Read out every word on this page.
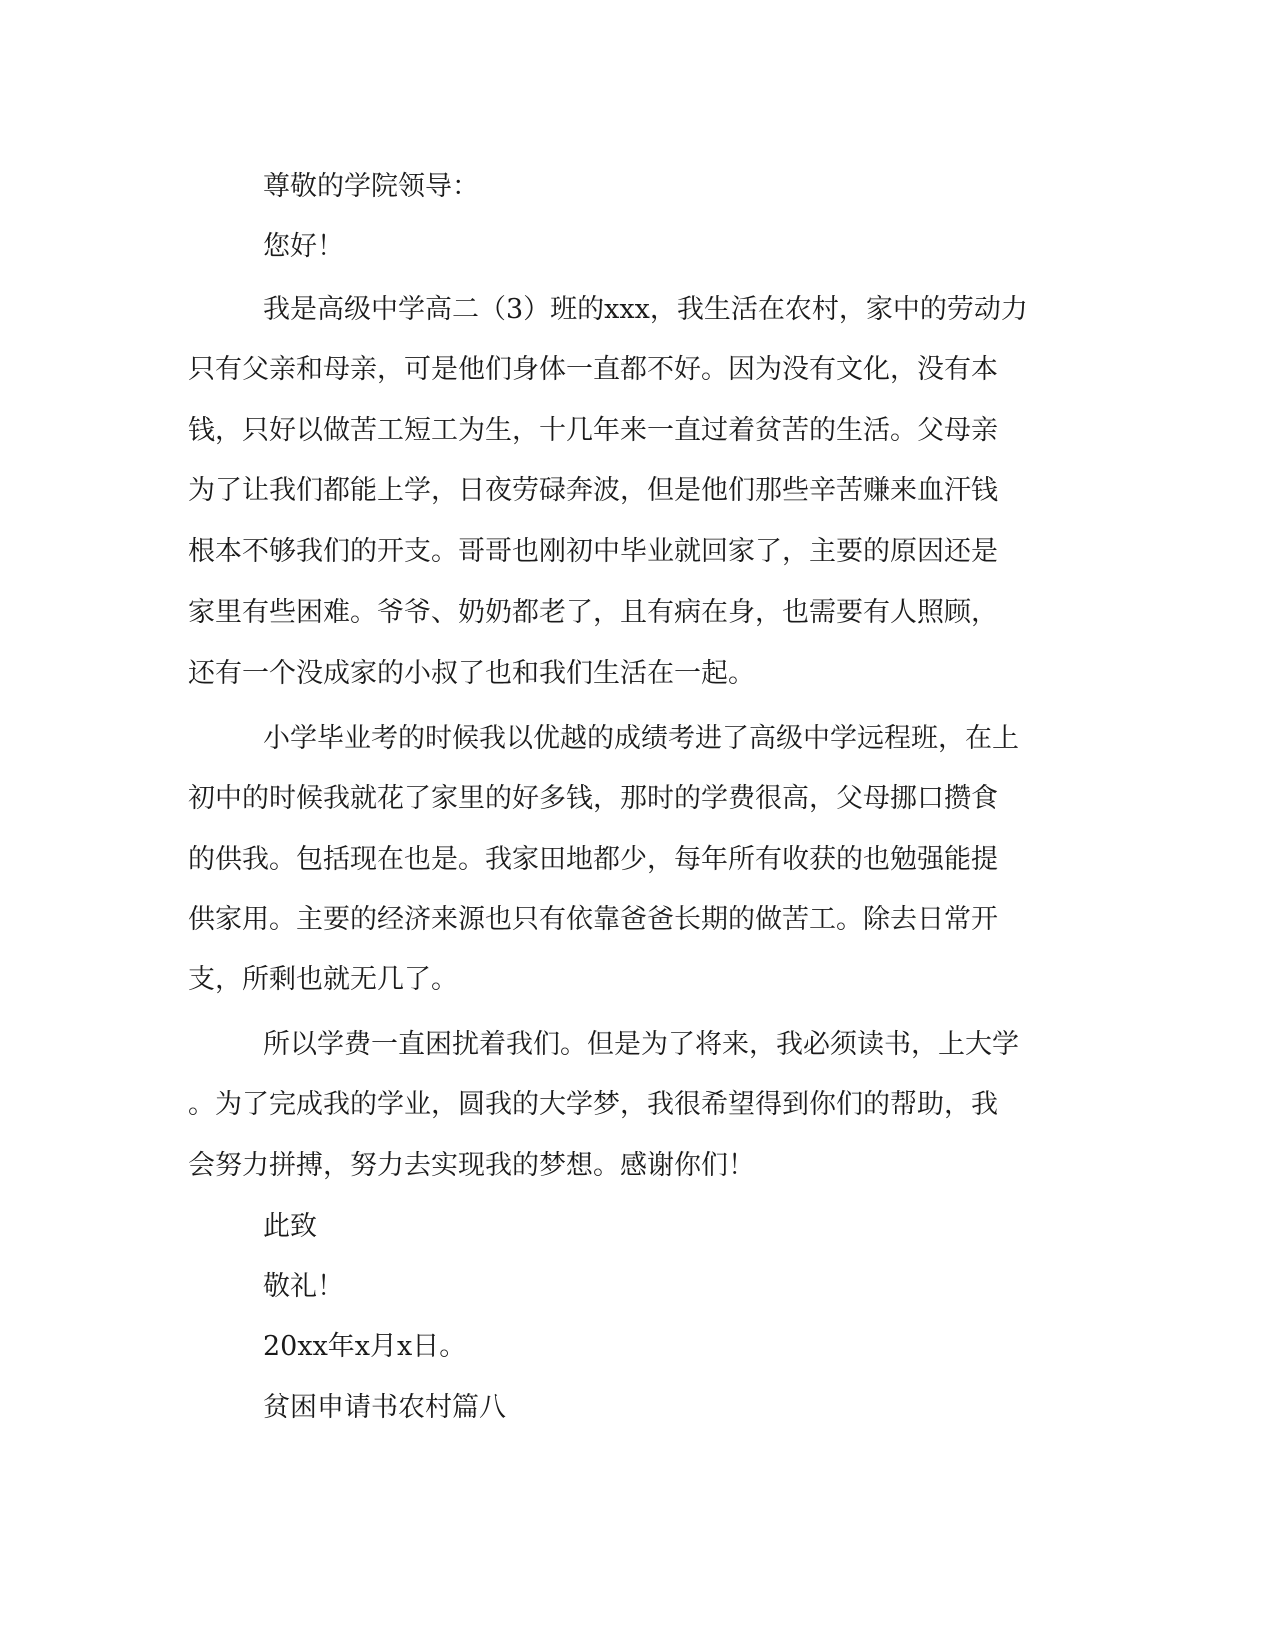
尊敬的学院领导：

您好！

我是高级中学高二（3）班的xxx，我生活在农村，家中的劳动力

只有父亲和母亲，可是他们身体一直都不好。因为没有文化，没有本

钱，只好以做苦工短工为生，十几年来一直过着贫苦的生活。父母亲

为了让我们都能上学，日夜劳碌奔波，但是他们那些辛苦赚来血汗钱

根本不够我们的开支。哥哥也刚初中毕业就回家了，主要的原因还是

家里有些困难。爷爷、奶奶都老了，且有病在身，也需要有人照顾，

还有一个没成家的小叔了也和我们生活在一起。

小学毕业考的时候我以优越的成绩考进了高级中学远程班，在上

初中的时候我就花了家里的好多钱，那时的学费很高，父母挪口攒食

的供我。包括现在也是。我家田地都少，每年所有收获的也勉强能提

供家用。主要的经济来源也只有依靠爸爸长期的做苦工。除去日常开

支，所剩也就无几了。

所以学费一直困扰着我们。但是为了将来，我必须读书，上大学

。为了完成我的学业，圆我的大学梦，我很希望得到你们的帮助，我

会努力拼搏，努力去实现我的梦想。感谢你们！

此致

敬礼！

20xx年x月x日。

贫困申请书农村篇八
